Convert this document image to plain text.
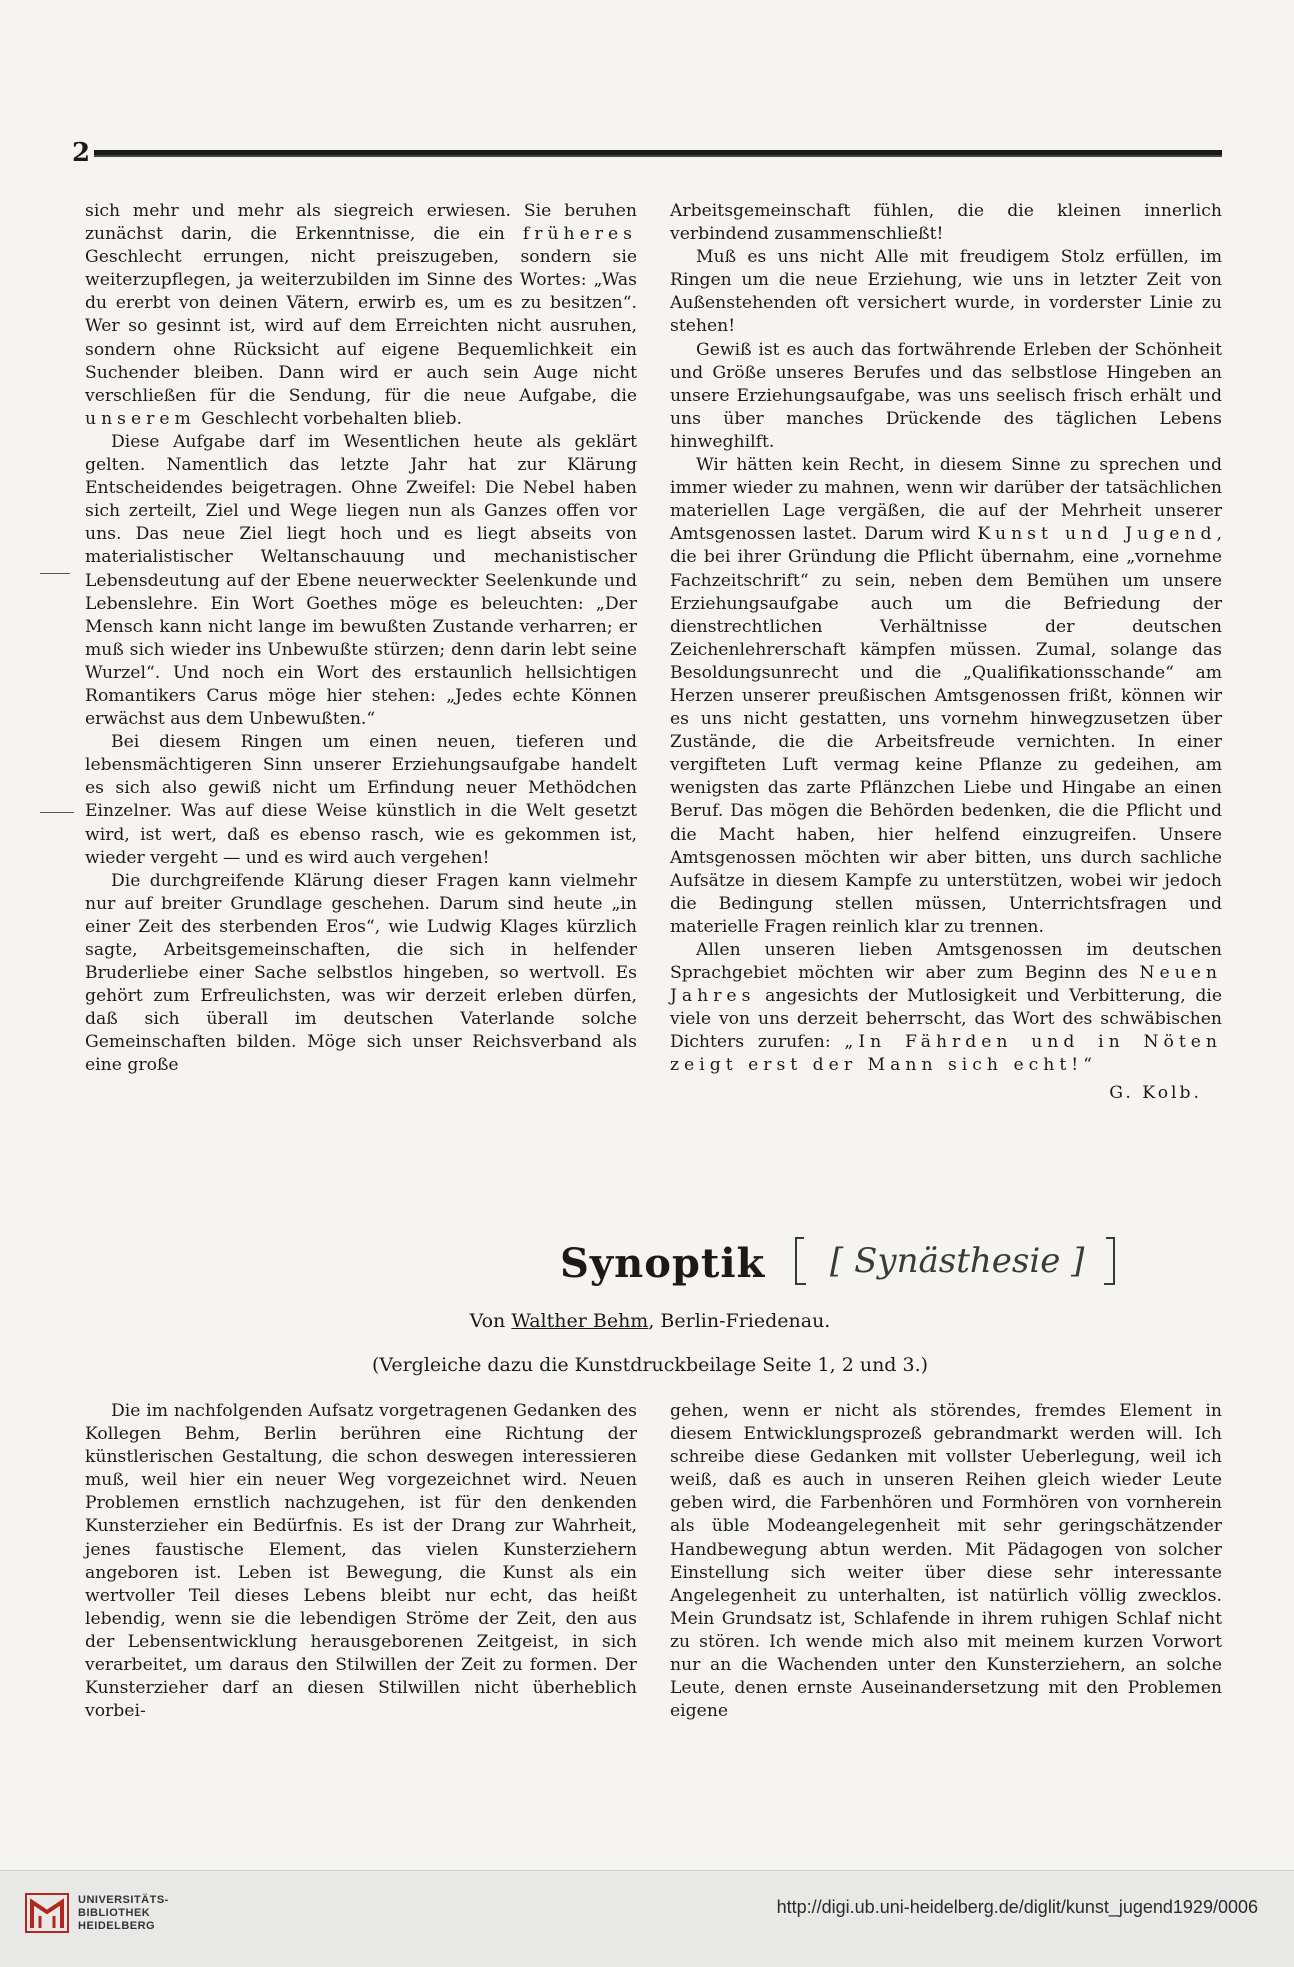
2

sich mehr und mehr als siegreich erwiesen. Sie beruhen zunächst darin, die Erkenntnisse, die ein früheres Geschlecht errungen, nicht preiszugeben, sondern sie weiterzupflegen, ja weiterzubilden im Sinne des Wortes: „Was du ererbt von deinen Vätern, erwirb es, um es zu besitzen“. Wer so gesinnt ist, wird auf dem Erreichten nicht ausruhen, sondern ohne Rücksicht auf eigene Bequemlichkeit ein Suchender bleiben. Dann wird er auch sein Auge nicht verschließen für die Sendung, für die neue Aufgabe, die unserem Geschlecht vorbehalten blieb.

Diese Aufgabe darf im Wesentlichen heute als geklärt gelten. Namentlich das letzte Jahr hat zur Klärung Entscheidendes beigetragen. Ohne Zweifel: Die Nebel haben sich zerteilt, Ziel und Wege liegen nun als Ganzes offen vor uns. Das neue Ziel liegt hoch und es liegt abseits von materialistischer Weltanschauung und mechanistischer Lebensdeutung auf der Ebene neuerweckter Seelenkunde und Lebenslehre. Ein Wort Goethes möge es beleuchten: „Der Mensch kann nicht lange im bewußten Zustande verharren; er muß sich wieder ins Unbewußte stürzen; denn darin lebt seine Wurzel“. Und noch ein Wort des erstaunlich hellsichtigen Romantikers Carus möge hier stehen: „Jedes echte Können erwächst aus dem Unbewußten.“

Bei diesem Ringen um einen neuen, tieferen und lebensmächtigeren Sinn unserer Erziehungsaufgabe handelt es sich also gewiß nicht um Erfindung neuer Methödchen Einzelner. Was auf diese Weise künstlich in die Welt gesetzt wird, ist wert, daß es ebenso rasch, wie es gekommen ist, wieder vergeht — und es wird auch vergehen!

Die durchgreifende Klärung dieser Fragen kann vielmehr nur auf breiter Grundlage geschehen. Darum sind heute „in einer Zeit des sterbenden Eros“, wie Ludwig Klages kürzlich sagte, Arbeitsgemeinschaften, die sich in helfender Bruderliebe einer Sache selbstlos hingeben, so wertvoll. Es gehört zum Erfreulichsten, was wir derzeit erleben dürfen, daß sich überall im deutschen Vaterlande solche Gemeinschaften bilden. Möge sich unser Reichsverband als eine große

Arbeitsgemeinschaft fühlen, die die kleinen innerlich verbindend zusammenschließt!

Muß es uns nicht Alle mit freudigem Stolz erfüllen, im Ringen um die neue Erziehung, wie uns in letzter Zeit von Außenstehenden oft versichert wurde, in vorderster Linie zu stehen!

Gewiß ist es auch das fortwährende Erleben der Schönheit und Größe unseres Berufes und das selbstlose Hingeben an unsere Erziehungsaufgabe, was uns seelisch frisch erhält und uns über manches Drückende des täglichen Lebens hinweghilft.

Wir hätten kein Recht, in diesem Sinne zu sprechen und immer wieder zu mahnen, wenn wir darüber der tatsächlichen materiellen Lage vergäßen, die auf der Mehrheit unserer Amtsgenossen lastet. Darum wird Kunst und Jugend, die bei ihrer Gründung die Pflicht übernahm, eine „vornehme Fachzeitschrift“ zu sein, neben dem Bemühen um unsere Erziehungsaufgabe auch um die Befriedung der dienstrechtlichen Verhältnisse der deutschen Zeichenlehrerschaft kämpfen müssen. Zumal, solange das Besoldungsunrecht und die „Qualifikationsschande“ am Herzen unserer preußischen Amtsgenossen frißt, können wir es uns nicht gestatten, uns vornehm hinwegzusetzen über Zustände, die die Arbeitsfreude vernichten. In einer vergifteten Luft vermag keine Pflanze zu gedeihen, am wenigsten das zarte Pflänzchen Liebe und Hingabe an einen Beruf. Das mögen die Behörden bedenken, die die Pflicht und die Macht haben, hier helfend einzugreifen. Unsere Amtsgenossen möchten wir aber bitten, uns durch sachliche Aufsätze in diesem Kampfe zu unterstützen, wobei wir jedoch die Bedingung stellen müssen, Unterrichtsfragen und materielle Fragen reinlich klar zu trennen.

Allen unseren lieben Amtsgenossen im deutschen Sprachgebiet möchten wir aber zum Beginn des Neuen Jahres angesichts der Mutlosigkeit und Verbitterung, die viele von uns derzeit beherrscht, das Wort des schwäbischen Dichters zurufen: „In Fährden und in Nöten zeigt erst der Mann sich echt!“

G. Kolb.
Synoptik [ Synästhesie ]
Von Walther Behm, Berlin-Friedenau.
(Vergleiche dazu die Kunstdruckbeilage Seite 1, 2 und 3.)

Die im nachfolgenden Aufsatz vorgetragenen Gedanken des Kollegen Behm, Berlin berühren eine Richtung der künstlerischen Gestaltung, die schon deswegen interessieren muß, weil hier ein neuer Weg vorgezeichnet wird. Neuen Problemen ernstlich nachzugehen, ist für den denkenden Kunsterzieher ein Bedürfnis. Es ist der Drang zur Wahrheit, jenes faustische Element, das vielen Kunsterziehern angeboren ist. Leben ist Bewegung, die Kunst als ein wertvoller Teil dieses Lebens bleibt nur echt, das heißt lebendig, wenn sie die lebendigen Ströme der Zeit, den aus der Lebensentwicklung herausgeborenen Zeitgeist, in sich verarbeitet, um daraus den Stilwillen der Zeit zu formen. Der Kunsterzieher darf an diesen Stilwillen nicht überheblich vorbei-

gehen, wenn er nicht als störendes, fremdes Element in diesem Entwicklungsprozeß gebrandmarkt werden will. Ich schreibe diese Gedanken mit vollster Ueberlegung, weil ich weiß, daß es auch in unseren Reihen gleich wieder Leute geben wird, die Farbenhören und Formhören von vornherein als üble Modeangelegenheit mit sehr geringschätzender Handbewegung abtun werden. Mit Pädagogen von solcher Einstellung sich weiter über diese sehr interessante Angelegenheit zu unterhalten, ist natürlich völlig zwecklos. Mein Grundsatz ist, Schlafende in ihrem ruhigen Schlaf nicht zu stören. Ich wende mich also mit meinem kurzen Vorwort nur an die Wachenden unter den Kunsterziehern, an solche Leute, denen ernste Auseinandersetzung mit den Problemen eigene

UNIVERSITÄTS-
BIBLIOTHEK
HEIDELBERG
http://digi.ub.uni-heidelberg.de/diglit/kunst_jugend1929/0006
